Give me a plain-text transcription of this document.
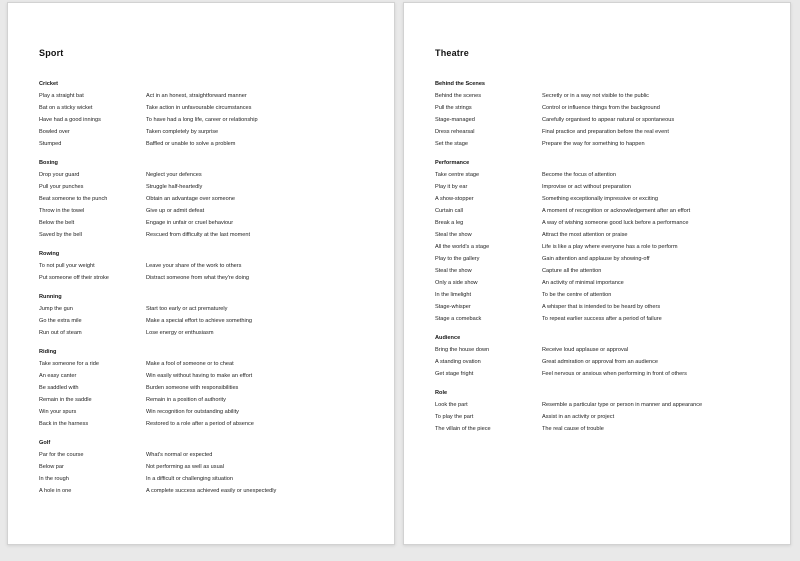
Sport
Cricket
Play a straight bat	Act in an honest, straightforward manner
Bat on a sticky wicket	Take action in unfavourable circumstances
Have had a good innings	To have had a long life, career or relationship
Bowled over	Taken completely by surprise
Stumped	Baffled or unable to solve a problem
Boxing
Drop your guard	Neglect your defences
Pull your punches	Struggle half-heartedly
Beat someone to the punch	Obtain an advantage over someone
Throw in the towel	Give up or admit defeat
Below the belt	Engage in unfair or cruel behaviour
Saved by the bell	Rescued from difficulty at the last moment
Rowing
To not pull your weight	Leave your share of the work to others
Put someone off their stroke	Distract someone from what they're doing
Running
Jump the gun	Start too early or act prematurely
Go the extra mile	Make a special effort to achieve something
Run out of steam	Lose energy or enthusiasm
Riding
Take someone for a ride	Make a fool of someone or to cheat
An easy canter	Win easily without having to make an effort
Be saddled with	Burden someone with responsibilities
Remain in the saddle	Remain in a position of authority
Win your spurs	Win recognition for outstanding ability
Back in the harness	Restored to a role after a period of absence
Golf
Par for the course	What's normal or expected
Below par	Not performing as well as usual
In the rough	In a difficult or challenging situation
A hole in one	A complete success achieved easily or unexpectedly
Theatre
Behind the Scenes
Behind the scenes	Secretly or in a way not visible to the public
Pull the strings	Control or influence things from the background
Stage-managed	Carefully organised to appear natural or spontaneous
Dress rehearsal	Final practice and preparation before the real event
Set the stage	Prepare the way for something to happen
Performance
Take centre stage	Become the focus of attention
Play it by ear	Improvise or act without preparation
A show-stopper	Something exceptionally impressive or exciting
Curtain call	A moment of recognition or acknowledgement after an effort
Break a leg	A way of wishing someone good luck before a performance
Steal the show	Attract the most attention or praise
All the world's a stage	Life is like a play where everyone has a role to perform
Play to the gallery	Gain attention and applause by showing-off
Steal the show	Capture all the attention
Only a side show	An activity of minimal importance
In the limelight	To be the centre of attention
Stage-whisper	A whisper that is intended to be heard by others
Stage a comeback	To repeat earlier success after a period of failure
Audience
Bring the house down	Receive loud applause or approval
A standing ovation	Great admiration or approval from an audience
Get stage fright	Feel nervous or anxious when performing in front of others
Role
Look the part	Resemble a particular type or person in manner and appearance
To play the part	Assist in an activity or project
The villain of the piece	The real cause of trouble
